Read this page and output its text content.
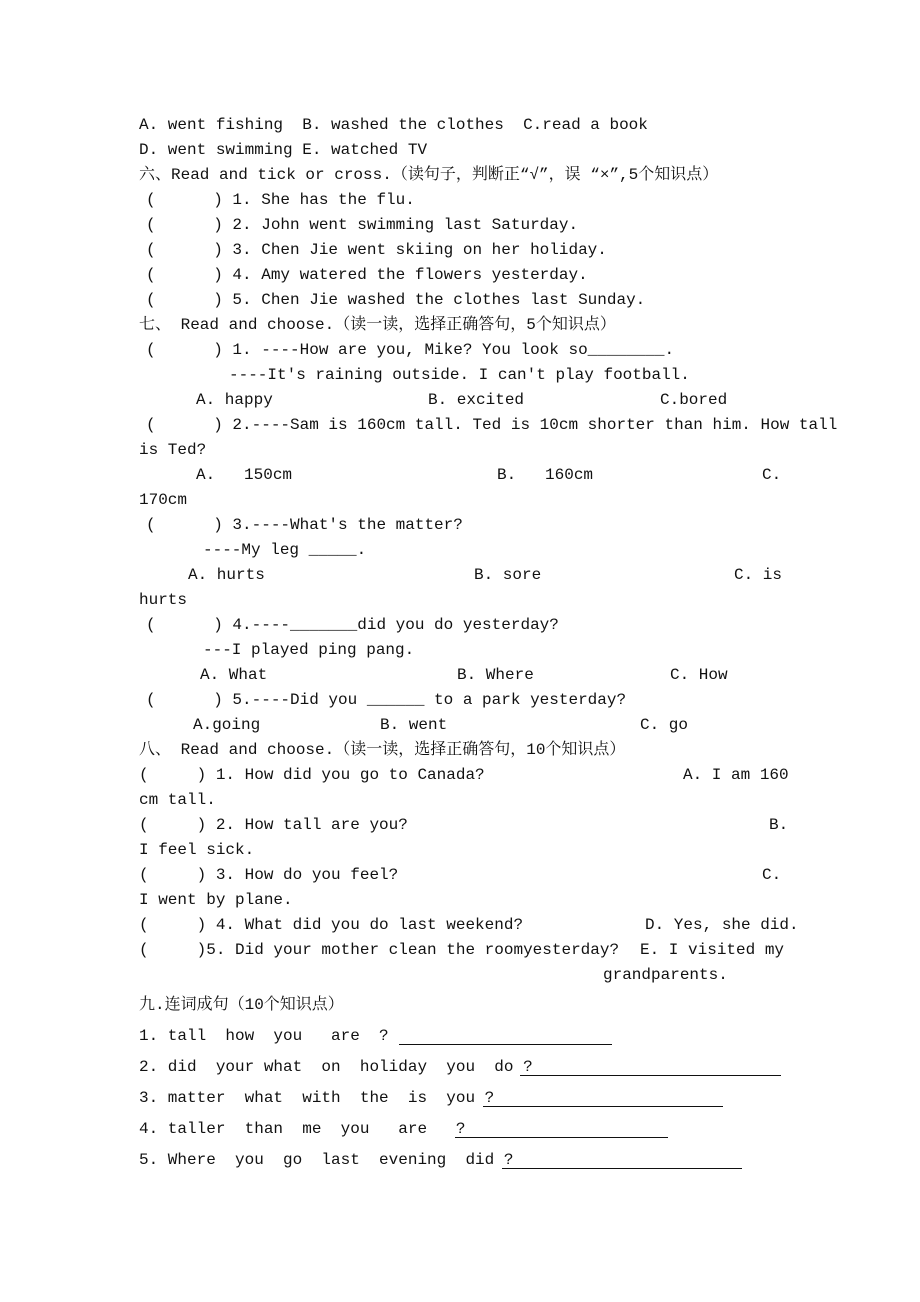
A. went fishing  B. washed the clothes  C.read a book
D. went swimming E. watched TV
六、Read and tick or cross.（读句子，判断正“√”，误 “×”,5个知识点）
(      ) 1. She has the flu.
(      ) 2. John went swimming last Saturday.
(      ) 3. Chen Jie went skiing on her holiday.
(      ) 4. Amy watered the flowers yesterday.
(      ) 5. Chen Jie washed the clothes last Sunday.
七、 Read and choose.（读一读，选择正确答句，5个知识点）
(      ) 1. ----How are you, Mike? You look so________.
----It's raining outside. I can't play football.
A. happy	B. excited	C.bored
(      ) 2.----Sam is 160cm tall. Ted is 10cm shorter than him. How tall
is Ted?
A.   150cm	B.   160cm	C.
170cm
(      ) 3.----What's the matter?
----My leg _____.
A. hurts	B. sore	C. is
hurts
(      ) 4.----_______did you do yesterday?
---I played ping pang.
A. What	B. Where	C. How
(      ) 5.----Did you ______ to a park yesterday?
A.going	B. went	C. go
八、 Read and choose.（读一读，选择正确答句，10个知识点）
(     ) 1. How did you go to Canada?	A. I am 160
cm tall.
(     ) 2. How tall are you?	B.
I feel sick.
(     ) 3. How do you feel?	C.
I went by plane.
(     ) 4. What did you do last weekend?	D. Yes, she did.
(     )5. Did your mother clean the roomyesterday? E. I visited my
grandparents.
九.连词成句（10个知识点）
1. tall  how  you   are  ?
2. did  your what  on  holiday  you  do ?
3. matter  what  with  the  is  you ?
4. taller  than  me  you   are   ?
5. Where  you  go  last  evening  did ?
